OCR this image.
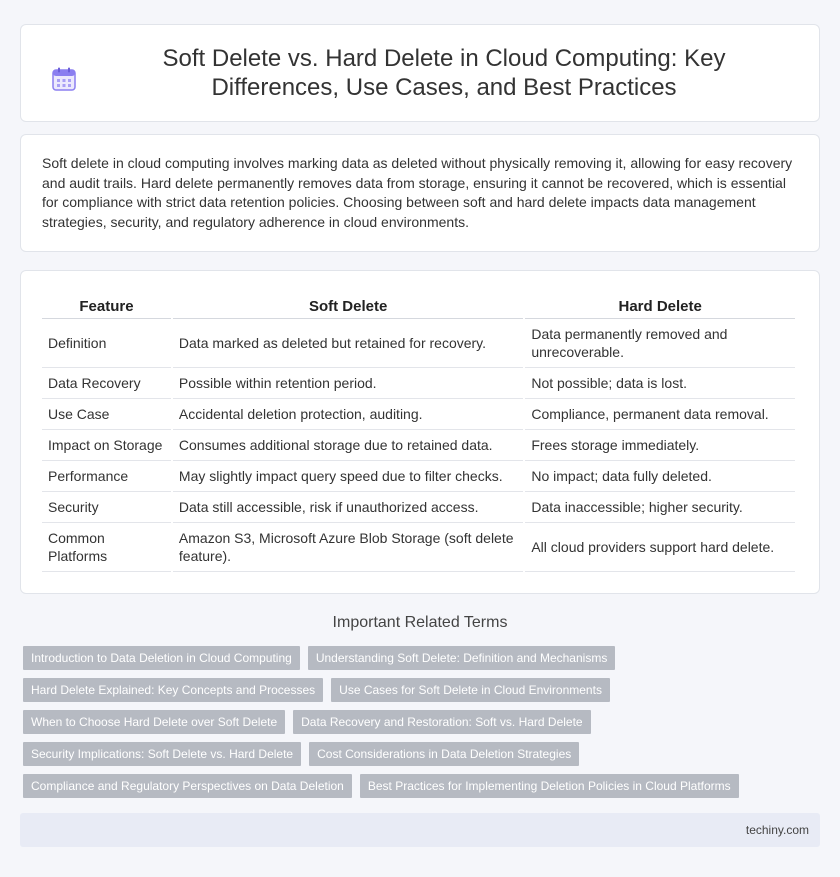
Soft Delete vs. Hard Delete in Cloud Computing: Key Differences, Use Cases, and Best Practices

Soft delete in cloud computing involves marking data as deleted without physically removing it, allowing for easy recovery and audit trails. Hard delete permanently removes data from storage, ensuring it cannot be recovered, which is essential for compliance with strict data retention policies. Choosing between soft and hard delete impacts data management strategies, security, and regulatory adherence in cloud environments.

Feature	Soft Delete	Hard Delete
Definition	Data marked as deleted but retained for recovery.	Data permanently removed and unrecoverable.
Data Recovery	Possible within retention period.	Not possible; data is lost.
Use Case	Accidental deletion protection, auditing.	Compliance, permanent data removal.
Impact on Storage	Consumes additional storage due to retained data.	Frees storage immediately.
Performance	May slightly impact query speed due to filter checks.	No impact; data fully deleted.
Security	Data still accessible, risk if unauthorized access.	Data inaccessible; higher security.
Common Platforms	Amazon S3, Microsoft Azure Blob Storage (soft delete feature).	All cloud providers support hard delete.
Important Related Terms
Introduction to Data Deletion in Cloud Computing	Understanding Soft Delete: Definition and Mechanisms
Hard Delete Explained: Key Concepts and Processes	Use Cases for Soft Delete in Cloud Environments
When to Choose Hard Delete over Soft Delete	Data Recovery and Restoration: Soft vs. Hard Delete
Security Implications: Soft Delete vs. Hard Delete	Cost Considerations in Data Deletion Strategies
Compliance and Regulatory Perspectives on Data Deletion	Best Practices for Implementing Deletion Policies in Cloud Platforms
techiny.com
